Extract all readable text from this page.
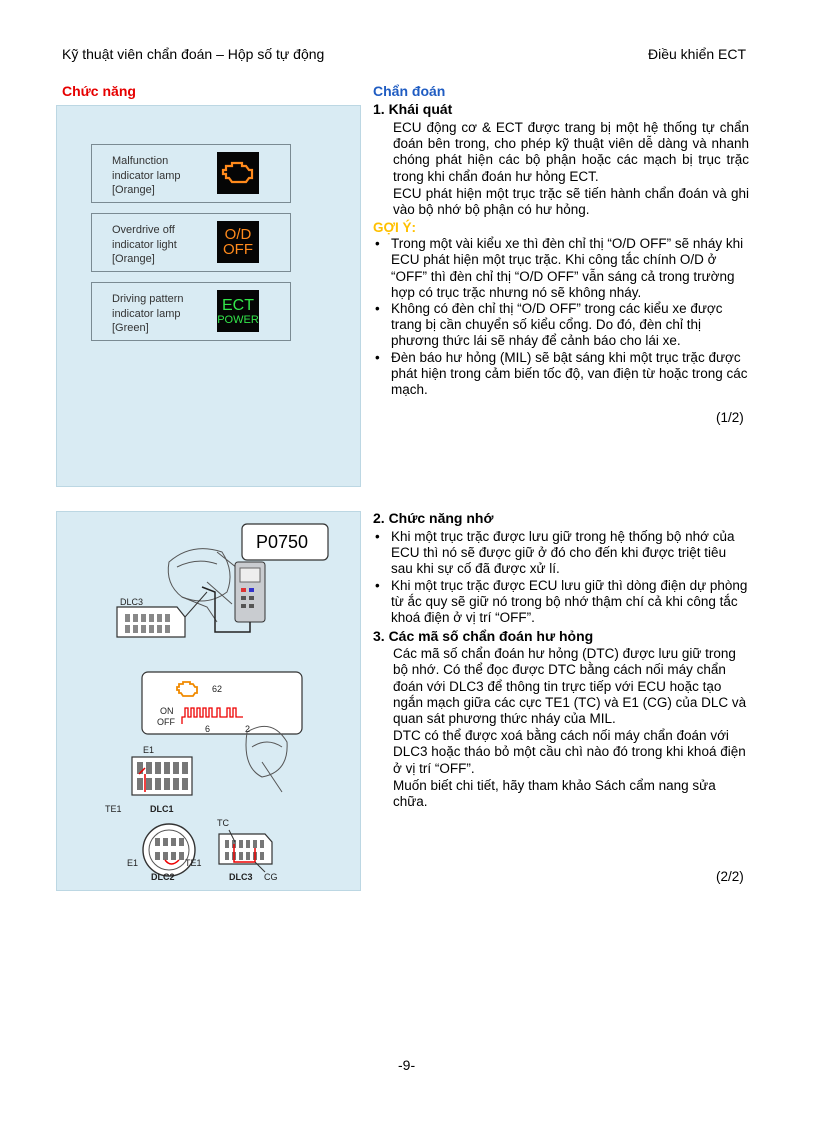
Kỹ thuật viên chẩn đoán – Hộp số tự động	Điều khiển ECT
Chức năng
Malfunction
indicator lamp
[Orange]
Overdrive off
indicator light
[Orange]
O/D
OFF
Driving pattern
indicator lamp
[Green]
ECT
POWER
Chẩn đoán
1. Khái quát
ECU động cơ & ECT được trang bị một hệ thống tự chẩn đoán bên trong, cho phép kỹ thuật viên dễ dàng và nhanh chóng phát hiện các bộ phận hoặc các mạch bị trục trặc trong khi chẩn đoán hư hỏng ECT.
ECU phát hiện một trục trặc sẽ tiến hành chẩn đoán và ghi vào bộ nhớ bộ phận có hư hỏng.
GỢI Ý:
• Trong một vài kiểu xe thì đèn chỉ thị “O/D OFF” sẽ nháy khi ECU phát hiện một trục trặc. Khi công tắc chính O/D ở “OFF” thì đèn chỉ thị “O/D OFF” vẫn sáng cả trong trường hợp có trục trặc nhưng nó sẽ không nháy.
• Không có đèn chỉ thị “O/D OFF” trong các kiểu xe được trang bị cần chuyển số kiểu cổng. Do đó, đèn chỉ thị phương thức lái sẽ nháy để cảnh báo cho lái xe.
• Đèn báo hư hỏng (MIL) sẽ bật sáng khi một trục trặc được phát hiện trong cảm biến tốc độ, van điện từ hoặc trong các mạch.
(1/2)
P0750
DLC3
62
ON
OFF
6	2
E1
TE1	DLC1
TC
E1	TE1
DLC2	DLC3 CG
2. Chức năng nhớ
• Khi một trục trặc được lưu giữ trong hệ thống bộ nhớ của ECU thì nó sẽ được giữ ở đó cho đến khi được triệt tiêu sau khi sự cố đã được xử lí.
• Khi một trục trặc được ECU lưu giữ thì dòng điện dự phòng từ ắc quy sẽ giữ nó trong bộ nhớ thậm chí cả khi công tắc khoá điện ở vị trí “OFF”.
3. Các mã số chẩn đoán hư hỏng
Các mã số chẩn đoán hư hỏng (DTC) được lưu giữ trong bộ nhớ. Có thể đọc được DTC bằng cách nối máy chẩn đoán với DLC3 để thông tin trực tiếp với ECU hoặc tạo ngắn mạch giữa các cực TE1 (TC) và E1 (CG) của DLC và quan sát phương thức nháy của MIL.
DTC có thể được xoá bằng cách nối máy chẩn đoán với DLC3 hoặc tháo bỏ một cầu chì nào đó trong khi khoá điện ở vị trí “OFF”.
Muốn biết chi tiết, hãy tham khảo Sách cẩm nang sửa chữa.
(2/2)
-9-
